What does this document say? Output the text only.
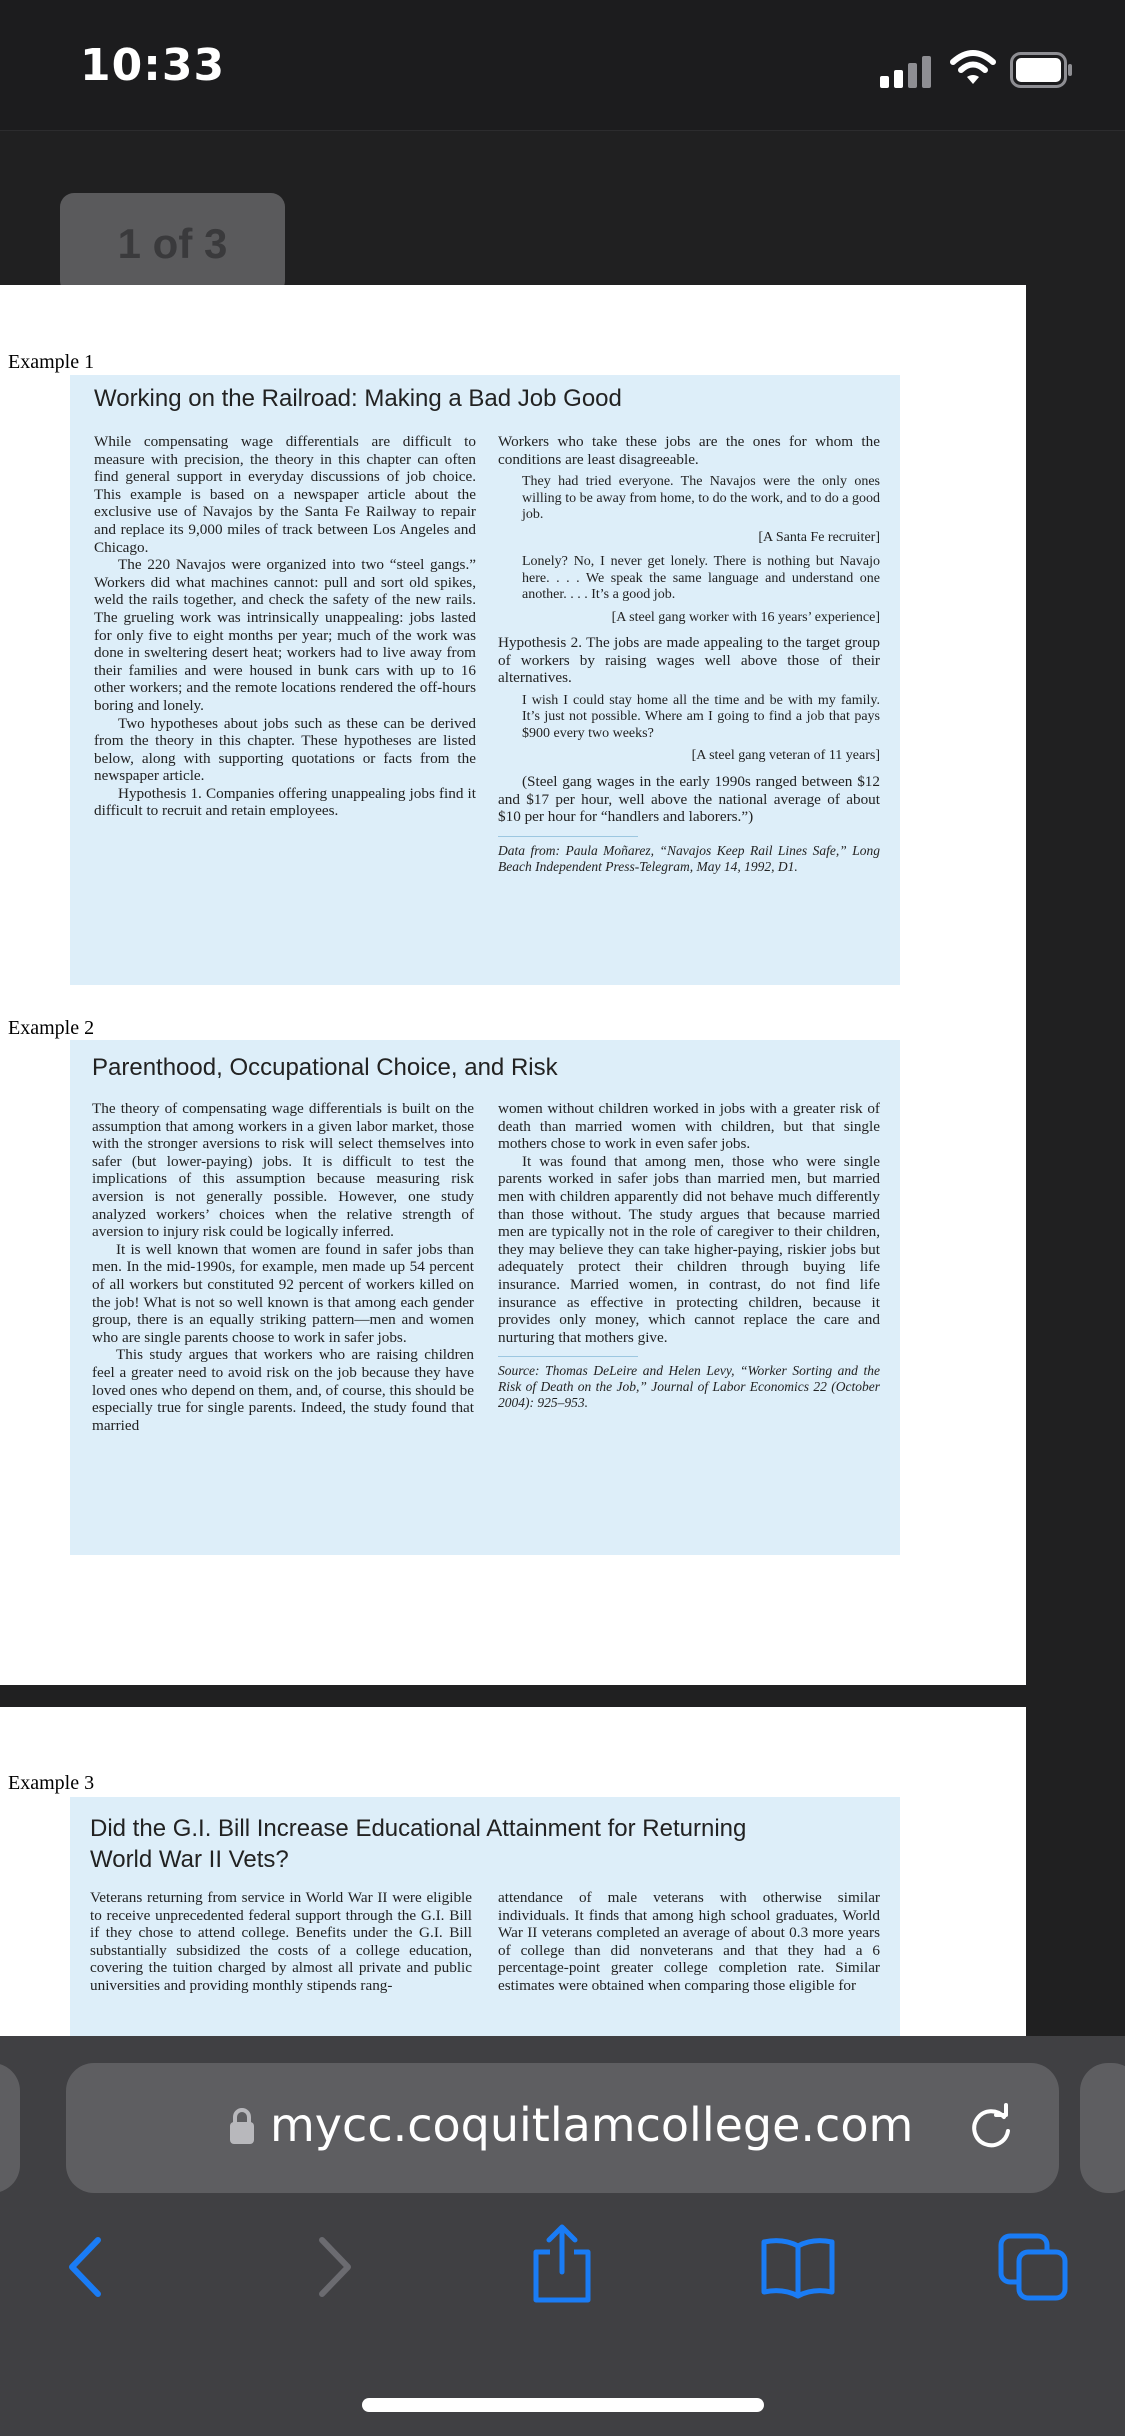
10:33
1 of 3
Example 1
Working on the Railroad: Making a Bad Job Good

While compensating wage differentials are difficult to measure with precision, the theory in this chapter can often find general support in everyday discussions of job choice. This example is based on a newspaper article about the exclusive use of Navajos by the Santa Fe Railway to repair and replace its 9,000 miles of track between Los Angeles and Chicago.

The 220 Navajos were organized into two “steel gangs.” Workers did what machines cannot: pull and sort old spikes, weld the rails together, and check the safety of the new rails. The grueling work was intrinsically unappealing: jobs lasted for only five to eight months per year; much of the work was done in sweltering desert heat; workers had to live away from their families and were housed in bunk cars with up to 16 other workers; and the remote locations rendered the off-hours boring and lonely.

Two hypotheses about jobs such as these can be derived from the theory in this chapter. These hypotheses are listed below, along with supporting quotations or facts from the newspaper article.

Hypothesis 1. Companies offering unappealing jobs find it difficult to recruit and retain employees.

Workers who take these jobs are the ones for whom the conditions are least disagreeable.

They had tried everyone. The Navajos were the only ones willing to be away from home, to do the work, and to do a good job.

[A Santa Fe recruiter]

Lonely? No, I never get lonely. There is nothing but Navajo here. . . . We speak the same language and understand one another. . . . It’s a good job.

[A steel gang worker with 16 years’ experience]

Hypothesis 2. The jobs are made appealing to the target group of workers by raising wages well above those of their alternatives.

I wish I could stay home all the time and be with my family. It’s just not possible. Where am I going to find a job that pays $900 every two weeks?

[A steel gang veteran of 11 years]

(Steel gang wages in the early 1990s ranged between $12 and $17 per hour, well above the national average of about $10 per hour for “handlers and laborers.”)

Data from: Paula Moñarez, “Navajos Keep Rail Lines Safe,” Long Beach Independent Press-Telegram, May 14, 1992, D1.

Example 2
Parenthood, Occupational Choice, and Risk

The theory of compensating wage differentials is built on the assumption that among workers in a given labor market, those with the stronger aversions to risk will select themselves into safer (but lower-paying) jobs. It is difficult to test the implications of this assumption because measuring risk aversion is not generally possible. However, one study analyzed workers’ choices when the relative strength of aversion to injury risk could be logically inferred.

It is well known that women are found in safer jobs than men. In the mid-1990s, for example, men made up 54 percent of all workers but constituted 92 percent of workers killed on the job! What is not so well known is that among each gender group, there is an equally striking pattern—men and women who are single parents choose to work in safer jobs.

This study argues that workers who are raising children feel a greater need to avoid risk on the job because they have loved ones who depend on them, and, of course, this should be especially true for single parents. Indeed, the study found that married

women without children worked in jobs with a greater risk of death than married women with children, but that single mothers chose to work in even safer jobs.

It was found that among men, those who were single parents worked in safer jobs than married men, but married men with children apparently did not behave much differently than those without. The study argues that because married men are typically not in the role of caregiver to their children, they may believe they can take higher-paying, riskier jobs but adequately protect their children through buying life insurance. Married women, in contrast, do not find life insurance as effective in protecting children, because it provides only money, which cannot replace the care and nurturing that mothers give.

Source: Thomas DeLeire and Helen Levy, “Worker Sorting and the Risk of Death on the Job,” Journal of Labor Economics 22 (October 2004): 925–953.

Example 3
Did the G.I. Bill Increase Educational Attainment for Returning World War II Vets?

Veterans returning from service in World War II were eligible to receive unprecedented federal support through the G.I. Bill if they chose to attend college. Benefits under the G.I. Bill substantially subsidized the costs of a college education, covering the tuition charged by almost all private and public universities and providing monthly stipends rang-

attendance of male veterans with otherwise similar individuals. It finds that among high school graduates, World War II veterans completed an average of about 0.3 more years of college than did nonveterans and that they had a 6 percentage-point greater college completion rate. Similar estimates were obtained when comparing those eligible for

mycc.coquitlamcollege.com
